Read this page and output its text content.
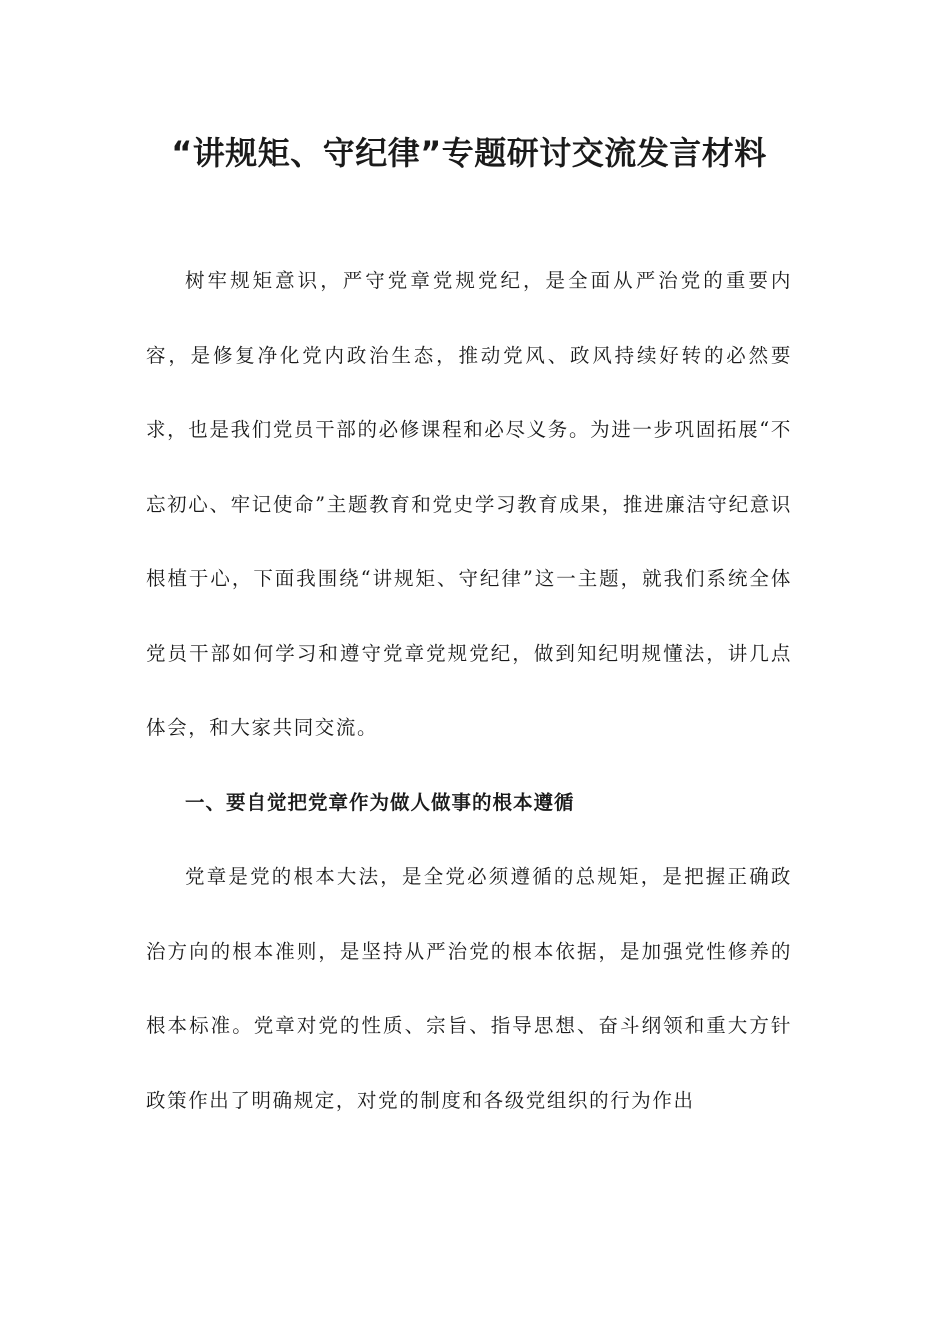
“讲规矩、守纪律”专题研讨交流发言材料

树牢规矩意识，严守党章党规党纪，是全面从严治党的重要内容，是修复净化党内政治生态，推动党风、政风持续好转的必然要求，也是我们党员干部的必修课程和必尽义务。为进一步巩固拓展“不忘初心、牢记使命”主题教育和党史学习教育成果，推进廉洁守纪意识根植于心，下面我围绕“讲规矩、守纪律”这一主题，就我们系统全体党员干部如何学习和遵守党章党规党纪，做到知纪明规懂法，讲几点体会，和大家共同交流。

一、要自觉把党章作为做人做事的根本遵循

党章是党的根本大法，是全党必须遵循的总规矩，是把握正确政治方向的根本准则，是坚持从严治党的根本依据，是加强党性修养的根本标准。党章对党的性质、宗旨、指导思想、奋斗纲领和重大方针政策作出了明确规定，对党的制度和各级党组织的行为作出
